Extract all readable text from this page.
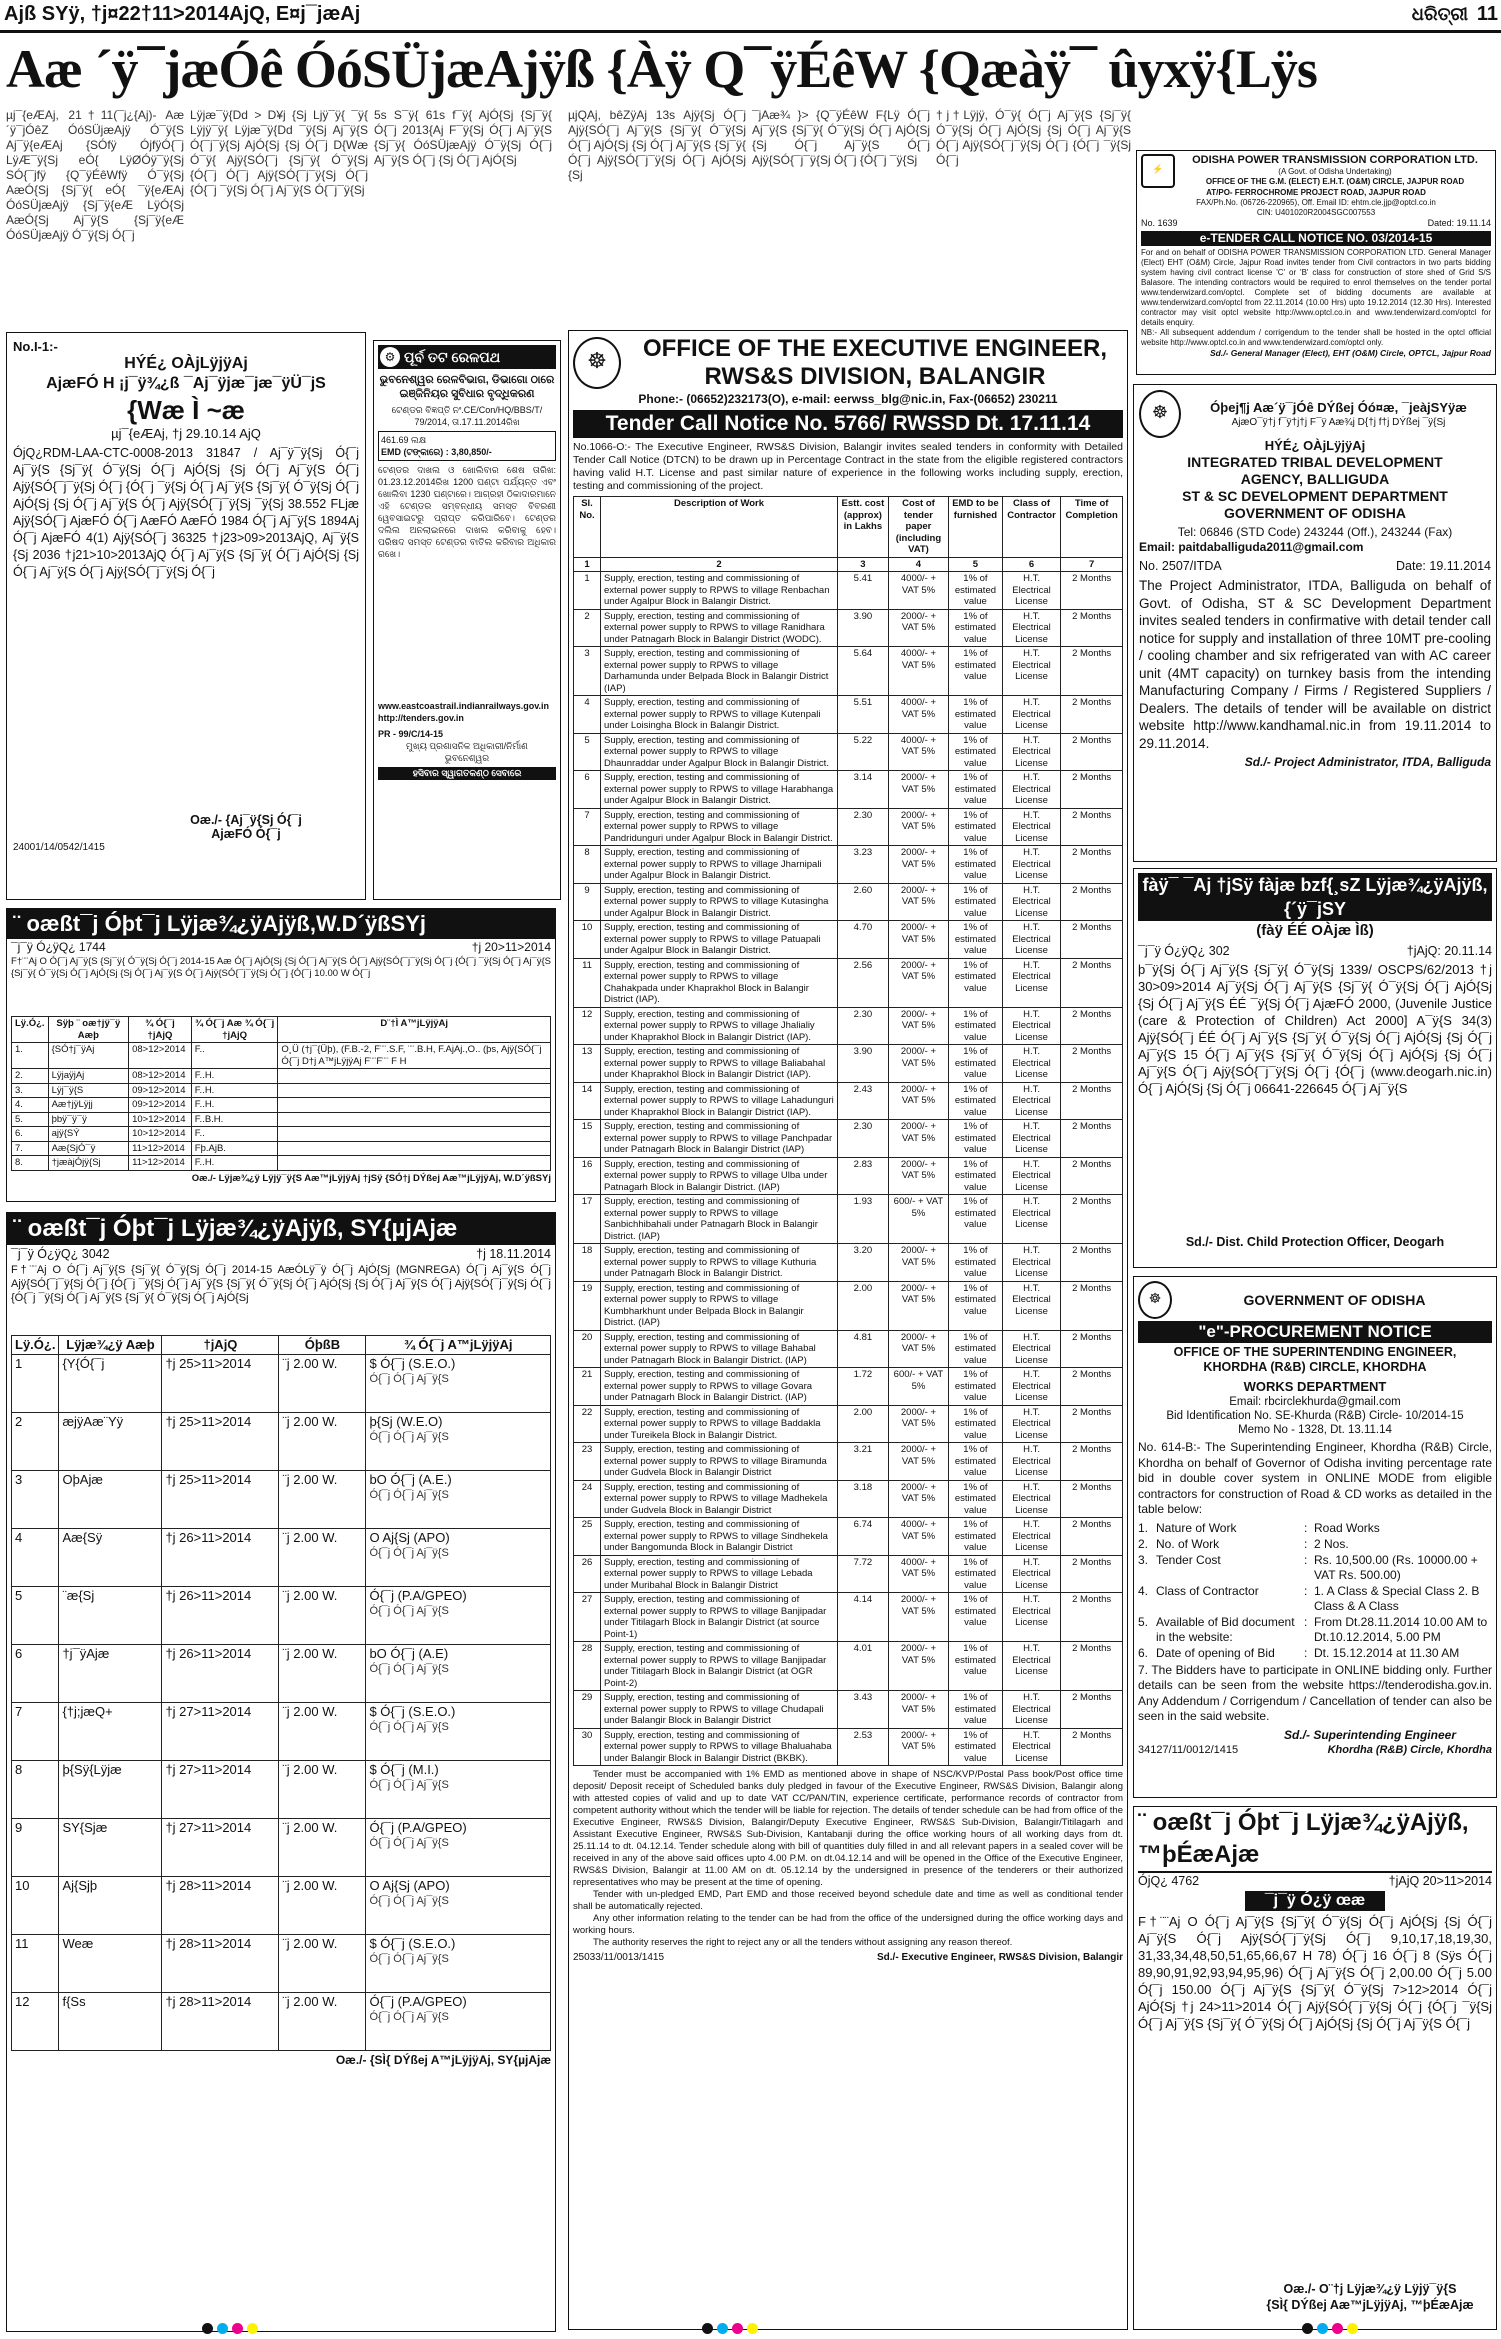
Ajß SYÿ, †j¤22†11>2014AjQ, E¤j¯jæAj	ଧରିତ୍ରୀ 11
Aæ ´ÿ¯jæÓê ÓóSÜjæAjÿß {Àÿ Q¯ÿÉêW {Qæàÿ¯ ûyxÿ{Lÿs
µj¯{eÆAj, 21†11(¯j¿{Aj)- Aæ´ÿ¯jÓêZ ÓóSÜjæAjÿ Ó¯ÿ{S Aj¯ÿ{eÆAj {SÓfÿ ÓjfÿÓ{¯j LÿÆ¯ÿ{Sj eÓ{ LÿØÓÿ¯ÿ{Sj SÓ{¯jfÿ {Q¯ÿÉêWfÿ Ó¯ÿ{Sj AæÓ{Sj {Sj¯ÿ{ eÓ{ ¯ÿ{eÆAj ÓóSÜjæAjÿ {Sj¯ÿ{eÆ LÿÓ{Sj AæÓ{Sj Aj¯ÿ{S {Sj¯ÿ{eÆ ÓóSÜjæAjÿ Ó¯ÿ{Sj Ó{¯j
Lÿjæ¯ÿ{Dd > D¥j {Sj Ljÿ¯ÿ{ ¯ÿ{ Lÿjÿ¯ÿ{ Lÿjæ¯ÿ{Dd ¯ÿ{Sj Aj¯ÿ{S Ó{¯j¯ÿ{Sj AjÓ{Sj {Sj Ó{¯j D{Wæ Ó¯ÿ{ Ajÿ{SÓ{¯j {Sj¯ÿ{ Ó¯ÿ{Sj {Ó{¯j Ó{¯j Ajÿ{SÓ{¯j¯ÿ{Sj Ó{¯j {Ó{¯j ¯ÿ{Sj Ó{¯j Aj¯ÿ{S Ó{¯j¯ÿ{Sj
5s S¯ÿ{ 61s f¯ÿ{ AjÓ{Sj {Sj¯ÿ{ Ó{¯j 2013{Aj F¯ÿ{Sj Ó{¯j Aj¯ÿ{S {Sj¯ÿ{ ÓóSÜjæAjÿ Ó¯ÿ{Sj Ó{¯j Aj¯ÿ{S Ó{¯j {Sj Ó{¯j AjÓ{Sj
µjQAj, bêZÿAj 13s Ajÿ{Sj Ó{¯j Ajÿ{SÓ{¯j Aj¯ÿ{S {Sj¯ÿ{ Ó¯ÿ{Sj Ó{¯j AjÓ{Sj {Sj Ó{¯j Aj¯ÿ{S {Sj¯ÿ{ Ó{¯j Ajÿ{SÓ{¯j¯ÿ{Sj Ó{¯j AjÓ{Sj {Sj
¯jAæ¾ }> {Q¯ÿÉêW F{Lÿ Ó{¯j Aj¯ÿ{S {Sj¯ÿ{ Ó¯ÿ{Sj Ó{¯j AjÓ{Sj {Sj Ó{¯j Aj¯ÿ{S Ó{¯j Ajÿ{SÓ{¯j¯ÿ{Sj Ó{¯j {Ó{¯j ¯ÿ{Sj
†j†Lÿjÿ, Ó¯ÿ{ Ó{¯j Aj¯ÿ{S {Sj¯ÿ{ Ó¯ÿ{Sj Ó{¯j AjÓ{Sj {Sj Ó{¯j Aj¯ÿ{S Ó{¯j Ajÿ{SÓ{¯j¯ÿ{Sj Ó{¯j {Ó{¯j ¯ÿ{Sj Ó{¯j
⚡
ODISHA POWER TRANSMISSION CORPORATION LTD.
(A Govt. of Odisha Undertaking)
OFFICE OF THE G.M. (ELECT) E.H.T. (O&M) CIRCLE, JAJPUR ROAD
AT/PO- FERROCHROME PROJECT ROAD, JAJPUR ROAD
FAX/Ph.No. (06726-220965), Off. Email ID: ehtm.cle.jjp@optcl.co.in
CIN: U401020R2004SGC007553
No. 1639	Dated: 19.11.14
e-TENDER CALL NOTICE NO. 03/2014-15
For and on behalf of ODISHA POWER TRANSMISSION CORPORATION LTD. General Manager (Elect) EHT (O&M) Circle, Jajpur Road invites tender from Civil contractors in two parts bidding system having civil contract license 'C' or 'B' class for construction of store shed of Grid S/S Balasore. The intending contractors would be required to enrol themselves on the tender portal www.tenderwizard.com/optcl. Complete set of bidding documents are available at www.tenderwizard.com/optcl from 22.11.2014 (10.00 Hrs) upto 19.12.2014 (12.30 Hrs). Interested contractor may visit optcl website http://www.optcl.co.in and www.tenderwizard.com/optcl for details enquiry.
NB:- All subsequent addendum / corrigendum to the tender shall be hosted in the optcl official website http://www.optcl.co.in and www.tenderwizard.com/optcl only.
Sd./- General Manager (Elect), EHT (O&M) Circle, OPTCL, Jajpur Road
No.I-1:-
HÝÉ¿ OÀjLÿjÿAj
AjæFÓ H ¡j¯ÿ¾¿ß ¯Aj¯ÿjæ¯jæ¯ÿÜ¯jS
{Wæ Ì ~æ
µj¯{eÆAj, †j 29.10.14 AjQ
ÓjQ¿RDM-LAA-CTC-0008-2013 31847 / Aj¯ÿ¯ÿ{Sj Ó{¯j Aj¯ÿ{S {Sj¯ÿ{ Ó¯ÿ{Sj Ó{¯j AjÓ{Sj {Sj Ó{¯j Aj¯ÿ{S Ó{¯j Ajÿ{SÓ{¯j¯ÿ{Sj Ó{¯j {Ó{¯j ¯ÿ{Sj Ó{¯j Aj¯ÿ{S {Sj¯ÿ{ Ó¯ÿ{Sj Ó{¯j AjÓ{Sj {Sj Ó{¯j Aj¯ÿ{S Ó{¯j Ajÿ{SÓ{¯j¯ÿ{Sj ¯ÿ{Sj 38.552 FLjæ Ajÿ{SÓ{¯j AjæFÓ Ó{¯j AæFÓ AæFÓ 1984 Ó{¯j Aj¯ÿ{S 1894Aj Ó{¯j AjæFÓ 4(1) Ajÿ{SÓ{¯j 36325 †j23>09>2013AjQ, Aj¯ÿ{S {Sj 2036 †j21>10>2013AjQ Ó{¯j Aj¯ÿ{S {Sj¯ÿ{ Ó{¯j AjÓ{Sj {Sj Ó{¯j Aj¯ÿ{S Ó{¯j Ajÿ{SÓ{¯j¯ÿ{Sj Ó{¯j
Oæ./- {Aj¯ÿ{Sj Ó{¯j
AjæFÓ Ó{¯j
24001/14/0542/1415
⚙ ପୂର୍ବ ତଟ ରେଳପଥ
ଭୁବନେଶ୍ୱର ରେଳବିଭାଗ, ଡିଭାଗୋ ଠାରେ
ଇଞ୍ଜିନିୟର ସୁବିଧାର ବୃଦ୍ଧିକରଣ
ଟେଣ୍ଡର ବିଜ୍ଞପ୍ତି ନଂ.CE/Con/HQ/BBS/T/ 79/2014, ତା.17.11.2014ରିଖ
461.69 ଲକ୍ଷ
EMD (ଟଙ୍କାରେ) : 3,80,850/-
ଟେଣ୍ଡର ଦାଖଲ ଓ ଖୋଲିବାର ଶେଷ ତାରିଖ: 01.23.12.2014ରିଖ 1200 ଘଣ୍ଟା ପର୍ଯ୍ୟନ୍ତ ଏବଂ ଖୋଲିବା 1230 ଘଣ୍ଟାରେ। ଆଗ୍ରହୀ ଠିକାଦାରମାନେ ଏହି ଟେଣ୍ଡର ସମ୍ବନ୍ଧୀୟ ସମସ୍ତ ବିବରଣୀ ୱେବସାଇଟରୁ ପ୍ରାପ୍ତ କରିପାରିବେ। ଟେଣ୍ଡର ଦଲିଲ ଅନଲାଇନରେ ଦାଖଲ କରିବାକୁ ହେବ। ପରିଷଦ ସମସ୍ତ ଟେଣ୍ଡର ବାତିଲ କରିବାର ଅଧିକାର ରଖେ।
www.eastcoastrail.indianrailways.gov.in
http://tenders.gov.in
PR - 99/C/14-15
ମୁଖ୍ୟ ପ୍ରଶାସନିକ ଅଧିକାରୀ/ନିର୍ମାଣ
ଭୁବନେଶ୍ୱର
ହସିବାର ସ୍ୱାଗତକଣ୍ଠ ସେବାରେ
☸	OFFICE OF THE EXECUTIVE ENGINEER,
RWS&S DIVISION, BALANGIR
Phone:- (06652)232173(O), e-mail: eerwss_blg@nic.in, Fax-(06652) 230211
Tender Call Notice No. 5766/ RWSSD Dt. 17.11.14
No.1066-O:- The Executive Engineer, RWS&S Division, Balangir invites sealed tenders in conformity with Detailed Tender Call Notice (DTCN) to be drawn up in Percentage Contract in the state from the eligible registered contractors having valid H.T. License and past similar nature of experience in the following works including supply, erection, testing and commissioning of the project.
Sl. No.	Description of Work	Estt. cost (approx) in Lakhs	Cost of tender paper (including VAT)	EMD to be furnished	Class of Contractor	Time of Completion
1	2	3	4	5	6	7
1	Supply, erection, testing and commissioning of external power supply to RPWS to village Renbachan under Agalpur Block in Balangir District.	5.41	4000/- + VAT 5%	1% of estimated value	H.T. Electrical License	2 Months
2	Supply, erection, testing and commissioning of external power supply to RPWS to village Ranidhara under Patnagarh Block in Balangir District (WODC).	3.90	2000/- + VAT 5%	1% of estimated value	H.T. Electrical License	2 Months
3	Supply, erection, testing and commissioning of external power supply to RPWS to village Darhamunda under Belpada Block in Balangir District (IAP)	5.64	4000/- + VAT 5%	1% of estimated value	H.T. Electrical License	2 Months
4	Supply, erection, testing and commissioning of external power supply to RPWS to village Kutenpali under Loisingha Block in Balangir District.	5.51	4000/- + VAT 5%	1% of estimated value	H.T. Electrical License	2 Months
5	Supply, erection, testing and commissioning of external power supply to RPWS to village Dhaunraddar under Agalpur Block in Balangir District.	5.22	4000/- + VAT 5%	1% of estimated value	H.T. Electrical License	2 Months
6	Supply, erection, testing and commissioning of external power supply to RPWS to village Harabhanga under Agalpur Block in Balangir District.	3.14	2000/- + VAT 5%	1% of estimated value	H.T. Electrical License	2 Months
7	Supply, erection, testing and commissioning of external power supply to RPWS to village Pandridunguri under Agalpur Block in Balangir District.	2.30	2000/- + VAT 5%	1% of estimated value	H.T. Electrical License	2 Months
8	Supply, erection, testing and commissioning of external power supply to RPWS to village Jharnipali under Agalpur Block in Balangir District.	3.23	2000/- + VAT 5%	1% of estimated value	H.T. Electrical License	2 Months
9	Supply, erection, testing and commissioning of external power supply to RPWS to village Kutasingha under Agalpur Block in Balangir District.	2.60	2000/- + VAT 5%	1% of estimated value	H.T. Electrical License	2 Months
10	Supply, erection, testing and commissioning of external power supply to RPWS to village Patuapali under Agalpur Block in Balangir District.	4.70	2000/- + VAT 5%	1% of estimated value	H.T. Electrical License	2 Months
11	Supply, erection, testing and commissioning of external power supply to RPWS to village Chahakpada under Khaprakhol Block in Balangir District (IAP).	2.56	2000/- + VAT 5%	1% of estimated value	H.T. Electrical License	2 Months
12	Supply, erection, testing and commissioning of external power supply to RPWS to village Jhalialiy under Khaprakhol Block in Balangir District (IAP).	2.30	2000/- + VAT 5%	1% of estimated value	H.T. Electrical License	2 Months
13	Supply, erection, testing and commissioning of external power supply to RPWS to village Baliabahal under Khaprakhol Block in Balangir District (IAP).	3.90	2000/- + VAT 5%	1% of estimated value	H.T. Electrical License	2 Months
14	Supply, erection, testing and commissioning of external power supply to RPWS to village Lahadunguri under Khaprakhol Block in Balangir District (IAP).	2.43	2000/- + VAT 5%	1% of estimated value	H.T. Electrical License	2 Months
15	Supply, erection, testing and commissioning of external power supply to RPWS to village Panchpadar under Patnagarh Block in Balangir District (IAP)	2.30	2000/- + VAT 5%	1% of estimated value	H.T. Electrical License	2 Months
16	Supply, erection, testing and commissioning of external power supply to RPWS to village Ulba under Patnagarh Block in Balangir District. (IAP)	2.83	2000/- + VAT 5%	1% of estimated value	H.T. Electrical License	2 Months
17	Supply, erection, testing and commissioning of external power supply to RPWS to village Sanbichhibahali under Patnagarh Block in Balangir District. (IAP)	1.93	600/- + VAT 5%	1% of estimated value	H.T. Electrical License	2 Months
18	Supply, erection, testing and commissioning of external power supply to RPWS to village Kuthuria under Patnagarh Block in Balangir District.	3.20	2000/- + VAT 5%	1% of estimated value	H.T. Electrical License	2 Months
19	Supply, erection, testing and commissioning of external power supply to RPWS to village Kumbharkhunt under Belpada Block in Balangir District. (IAP)	2.00	2000/- + VAT 5%	1% of estimated value	H.T. Electrical License	2 Months
20	Supply, erection, testing and commissioning of external power supply to RPWS to village Bahabal under Patnagarh Block in Balangir District. (IAP)	4.81	2000/- + VAT 5%	1% of estimated value	H.T. Electrical License	2 Months
21	Supply, erection, testing and commissioning of external power supply to RPWS to village Govara under Patnagarh Block in Balangir District. (IAP)	1.72	600/- + VAT 5%	1% of estimated value	H.T. Electrical License	2 Months
22	Supply, erection, testing and commissioning of external power supply to RPWS to village Baddakla under Tureikela Block in Balangir District.	2.00	2000/- + VAT 5%	1% of estimated value	H.T. Electrical License	2 Months
23	Supply, erection, testing and commissioning of external power supply to RPWS to village Biramunda under Gudvela Block in Balangir District	3.21	2000/- + VAT 5%	1% of estimated value	H.T. Electrical License	2 Months
24	Supply, erection, testing and commissioning of external power supply to RPWS to village Madhekela under Gudvela Block in Balangir District	3.18	2000/- + VAT 5%	1% of estimated value	H.T. Electrical License	2 Months
25	Supply, erection, testing and commissioning of external power supply to RPWS to village Sindhekela under Bangomunda Block in Balangir District	6.74	4000/- + VAT 5%	1% of estimated value	H.T. Electrical License	2 Months
26	Supply, erection, testing and commissioning of external power supply to RPWS to village Lebada under Muribahal Block in Balangir District	7.72	4000/- + VAT 5%	1% of estimated value	H.T. Electrical License	2 Months
27	Supply, erection, testing and commissioning of external power supply to RPWS to village Banjipadar under Titilagarh Block in Balangir District (at source Point-1)	4.14	2000/- + VAT 5%	1% of estimated value	H.T. Electrical License	2 Months
28	Supply, erection, testing and commissioning of external power supply to RPWS to village Banjipadar under Titilagarh Block in Balangir District (at OGR Point-2)	4.01	2000/- + VAT 5%	1% of estimated value	H.T. Electrical License	2 Months
29	Supply, erection, testing and commissioning of external power supply to RPWS to village Chudapali under Balangir Block in Balangir District	3.43	2000/- + VAT 5%	1% of estimated value	H.T. Electrical License	2 Months
30	Supply, erection, testing and commissioning of external power supply to RPWS to village Bhaluahaba under Balangir Block in Balangir District (BKBK).	2.53	2000/- + VAT 5%	1% of estimated value	H.T. Electrical License	2 Months
Tender must be accompanied with 1% EMD as mentioned above in shape of NSC/KVP/Postal Pass book/Post office time deposit/ Deposit receipt of Scheduled banks duly pledged in favour of the Executive Engineer, RWS&S Division, Balangir along with attested copies of valid and up to date VAT CC/PAN/TIN, experience certificate, performance records of contractor from competent authority without which the tender will be liable for rejection. The details of tender schedule can be had from office of the Executive Engineer, RWS&S Division, Balangir/Deputy Executive Engineer, RWS&S Sub-Division, Balangir/Titilagarh and Assistant Executive Engineer, RWS&S Sub-Division, Kantabanji during the office working hours of all working days from dt. 25.11.14 to dt. 04.12.14. Tender schedule along with bill of quantities duly filled in and all relevant papers in a sealed cover will be received in any of the above said offices upto 4.00 P.M. on dt.04.12.14 and will be opened in the Office of the Executive Engineer, RWS&S Division, Balangir at 11.00 AM on dt. 05.12.14 by the undersigned in presence of the tenderers or their authorized representatives who may be present at the time of opening.
Tender with un-pledged EMD, Part EMD and those received beyond schedule date and time as well as conditional tender shall be automatically rejected.
Any other information relating to the tender can be had from the office of the undersigned during the office working days and working hours.
The authority reserves the right to reject any or all the tenders without assigning any reason thereof.
25033/11/0013/1415	Sd./- Executive Engineer, RWS&S Division, Balangir
☸	Óþej¶j Aæ´ÿ¯jÓê DÝßej Óó¤æ, ¯jeàjSYÿæ
AjæO¯ÿ†j f¯ÿ†j†j F¯ÿ Aæ¾j D{†j f†j DÝßej ¯ÿ{Sj
HÝÉ¿ OÀjLÿjÿAj
INTEGRATED TRIBAL DEVELOPMENT
AGENCY, BALLIGUDA
ST & SC DEVELOPMENT DEPARTMENT
GOVERNMENT OF ODISHA
Tel: 06846 (STD Code) 243244 (Off.), 243244 (Fax)
Email: paitdaballiguda2011@gmail.com
No. 2507/ITDA	Date: 19.11.2014
The Project Administrator, ITDA, Balliguda on behalf of Govt. of Odisha, ST & SC Development Department invites sealed tenders in confirmative with detail tender call notice for supply and installation of three 10MT pre-cooling / cooling chamber and six refrigerated van with AC career unit (4MT capacity) on turnkey basis from the intending Manufacturing Company / Firms / Registered Suppliers / Dealers. The details of tender will be available on district website http://www.kandhamal.nic.in from 19.11.2014 to 29.11.2014.
Sd./- Project Administrator, ITDA, Balliguda
fàÿ¯ ¯Aj †jSÿ fàjæ bzf{¸sZ Lÿjæ¾¿ÿAjÿß, {´ÿ¯jSY
(fàÿ ÉÉ OÀjæ Ìß)
¯j¯ÿ Ó¿ÿQ¿ 302	†jAjQ: 20.11.14
þ¯ÿ{Sj Ó{¯j Aj¯ÿ{S {Sj¯ÿ{ Ó¯ÿ{Sj 1339/ OSCPS/62/2013 †j 30>09>2014 Aj¯ÿ{Sj Ó{¯j Aj¯ÿ{S {Sj¯ÿ{ Ó¯ÿ{Sj Ó{¯j AjÓ{Sj {Sj Ó{¯j Aj¯ÿ{S ÉÉ ¯ÿ{Sj Ó{¯j AjæFÓ 2000, (Juvenile Justice (care & Protection of Children) Act 2000] A¯ÿ{S 34(3) Ajÿ{SÓ{¯j ÉÉ Ó{¯j Aj¯ÿ{S {Sj¯ÿ{ Ó¯ÿ{Sj Ó{¯j AjÓ{Sj {Sj Ó{¯j Aj¯ÿ{S 15 Ó{¯j Aj¯ÿ{S {Sj¯ÿ{ Ó¯ÿ{Sj Ó{¯j AjÓ{Sj {Sj Ó{¯j Aj¯ÿ{S Ó{¯j Ajÿ{SÓ{¯j¯ÿ{Sj Ó{¯j {Ó{¯j (www.deogarh.nic.in) Ó{¯j AjÓ{Sj {Sj Ó{¯j 06641-226645 Ó{¯j Aj¯ÿ{S
Sd./- Dist. Child Protection Officer, Deogarh
☸	GOVERNMENT OF ODISHA
"e"-PROCUREMENT NOTICE
OFFICE OF THE SUPERINTENDING ENGINEER,
KHORDHA (R&B) CIRCLE, KHORDHA
WORKS DEPARTMENT
Email: rbcirclekhurda@gmail.com
Bid Identification No. SE-Khurda (R&B) Circle- 10/2014-15
Memo No - 1328, Dt. 13.11.14
No. 614-B:- The Superintending Engineer, Khordha (R&B) Circle, Khordha on behalf of Governor of Odisha inviting percentage rate bid in double cover system in ONLINE MODE from eligible contractors for construction of Road & CD works as detailed in the table below:
1. Nature of Work	: Road Works
2. No. of Work	: 2 Nos.
3. Tender Cost	: Rs. 10,500.00 (Rs. 10000.00 + VAT Rs. 500.00)
4. Class of Contractor	: 1. A Class & Special Class 2. B Class & A Class
5. Available of Bid document in the website:
: From Dt.28.11.2014 10.00 AM to Dt.10.12.2014, 5.00 PM
6. Date of opening of Bid	: Dt. 15.12.2014 at 11.30 AM
7. The Bidders have to participate in ONLINE bidding only. Further details can be seen from the website https://tenderodisha.gov.in. Any Addendum / Corrigendum / Cancellation of tender can also be seen in the said website.
Sd./- Superintending Engineer
34127/11/0012/1415	Khordha (R&B) Circle, Khordha
¨ oæßt¯j Óþt¯j Lÿjæ¾¿ÿAjÿß,W.D´ÿßSYj
¯j¯ÿ Ó¿ÿQ¿ 1744	†j 20>11>2014
F†¨¨Aj O Ó{¯j Aj¯ÿ{S {Sj¯ÿ{ Ó¯ÿ{Sj Ó{¯j 2014-15 Aæ Ó{¯j AjÓ{Sj {Sj Ó{¯j Aj¯ÿ{S Ó{¯j Ajÿ{SÓ{¯j¯ÿ{Sj Ó{¯j {Ó{¯j ¯ÿ{Sj Ó{¯j Aj¯ÿ{S {Sj¯ÿ{ Ó¯ÿ{Sj Ó{¯j AjÓ{Sj {Sj Ó{¯j Aj¯ÿ{S Ó{¯j Ajÿ{SÓ{¯j¯ÿ{Sj Ó{¯j {Ó{¯j 10.00 W Ó{¯j
Lÿ.Ó¿.	Sÿþ ¨ oæ†jÿ¯ÿ Aæþ	¾ Ó{¯j †jAjQ	¾ Ó{¯j Aæ ¾ Ó{¯j †jAjQ	D¨†Ì A™jLÿjÿAj
1.	{SÓ†j¯ÿAj	08>12>2014	F..	O¸Ü (†j¯{Üþ), (F.B.-2, F¨¨.S.F, ¨¨.B.H, F.AjAj.,O.. (þs, Ajÿ{SÓ{¯j Ó{¯j D†j A™jLÿjÿAj F¨¨F¨¨ F H
2.	LÿjaÿjAj	08>12>2014	F..H.	
3.	Lÿj¯ÿ{S	09>12>2014	F..H.	
4.	Aæ†jÿLÿjj	09>12>2014	F..H.	
5.	þbÿ¯ÿ¯ÿ	10>12>2014	F..B.H.	
6.	ajÿ{SÝ	10>12>2014	F..	
7.	Aæ{SjÓ¯ÿ	11>12>2014	Fþ.AjB.	
8.	†jæàjÓjÿ{Sj	11>12>2014	F..H.	
Oæ./- Lÿjæ¾¿ÿ Lÿjÿ¯ÿ{S Aæ™jLÿjÿAj †jSÿ {SÓ†j DÝßej Aæ™jLÿjÿAj, W.D´ÿßSYj
¨ oæßt¯j Óþt¯j Lÿjæ¾¿ÿAjÿß, SY{µjAjæ
¯j¯ÿ Ó¿ÿQ¿ 3042	†j 18.11.2014
F†¨¨Aj O Ó{¯j Aj¯ÿ{S {Sj¯ÿ{ Ó¯ÿ{Sj Ó{¯j 2014-15 AæÓLÿ¯ÿ Ó{¯j AjÓ{Sj (MGNREGA) Ó{¯j Aj¯ÿ{S Ó{¯j Ajÿ{SÓ{¯j¯ÿ{Sj Ó{¯j {Ó{¯j ¯ÿ{Sj Ó{¯j Aj¯ÿ{S {Sj¯ÿ{ Ó¯ÿ{Sj Ó{¯j AjÓ{Sj {Sj Ó{¯j Aj¯ÿ{S Ó{¯j Ajÿ{SÓ{¯j¯ÿ{Sj Ó{¯j {Ó{¯j ¯ÿ{Sj Ó{¯j Aj¯ÿ{S {Sj¯ÿ{ Ó¯ÿ{Sj Ó{¯j AjÓ{Sj
Lÿ.Ó¿.	Lÿjæ¾¿ÿ Aæþ	†jAjQ	ÓþßB	¾ Ó{¯j A™jLÿjÿAj
1	{Y{Ó{¯j	†j 25>11>2014	¨j 2.00 W.	$ Ó{¯j (S.E.O.)
Ó{¯j Ó{¯j Aj¯ÿ{S

2	æjÿAæ¨Yÿ	†j 25>11>2014	¨j 2.00 W.	þ{Sj (W.E.O)
Ó{¯j Ó{¯j Aj¯ÿ{S

3	OþAjæ	†j 25>11>2014	¨j 2.00 W.	bO Ó{¯j (A.E.)
Ó{¯j Ó{¯j Aj¯ÿ{S

4	Aæ{Sÿ	†j 26>11>2014	¨j 2.00 W.	O Aj{Sj (APO)
Ó{¯j Ó{¯j Aj¯ÿ{S

5	¨æ{Sj	†j 26>11>2014	¨j 2.00 W.	Ó{¯j (P.A/GPEO)
Ó{¯j Ó{¯j Aj¯ÿ{S

6	†j¯ÿAjæ	†j 26>11>2014	¨j 2.00 W.	bO Ó{¯j (A.E)
Ó{¯j Ó{¯j Aj¯ÿ{S

7	{†j;jæQ+	†j 27>11>2014	¨j 2.00 W.	$ Ó{¯j (S.E.O.)
Ó{¯j Ó{¯j Aj¯ÿ{S

8	þ{Sÿ{Lÿjæ	†j 27>11>2014	¨j 2.00 W.	$ Ó{¯j (M.I.)
Ó{¯j Ó{¯j Aj¯ÿ{S

9	SY{Sjæ	†j 27>11>2014	¨j 2.00 W.	Ó{¯j (P.A/GPEO)
Ó{¯j Ó{¯j Aj¯ÿ{S

10	Aj{Sjþ	†j 28>11>2014	¨j 2.00 W.	O Aj{Sj (APO)
Ó{¯j Ó{¯j Aj¯ÿ{S

11	Weæ	†j 28>11>2014	¨j 2.00 W.	$ Ó{¯j (S.E.O.)
Ó{¯j Ó{¯j Aj¯ÿ{S

12	f{Ss	†j 28>11>2014	¨j 2.00 W.	Ó{¯j (P.A/GPEO)
Ó{¯j Ó{¯j Aj¯ÿ{S
Oæ./- {SÌ{ DÝßej A™jLÿjÿAj, SY{µjAjæ
¨ oæßt¯j Óþt¯j Lÿjæ¾¿ÿAjÿß, ™þÉæAjæ
ÓjQ¿ 4762	†jAjQ 20>11>2014
¯j¯ÿ Ó¿ÿ œæ
F†¨¨Aj O Ó{¯j Aj¯ÿ{S {Sj¯ÿ{ Ó¯ÿ{Sj Ó{¯j AjÓ{Sj {Sj Ó{¯j Aj¯ÿ{S Ó{¯j Ajÿ{SÓ{¯j¯ÿ{Sj Ó{¯j 9,10,17,18,19,30, 31,33,34,48,50,51,65,66,67 H 78) Ó{¯j 16 Ó{¯j 8 (Sÿs Ó{¯j 89,90,91,92,93,94,95,96) Ó{¯j Aj¯ÿ{S Ó{¯j 2,00.00 Ó{¯j 5.00 Ó{¯j 150.00 Ó{¯j Aj¯ÿ{S {Sj¯ÿ{ Ó¯ÿ{Sj 7>12>2014 Ó{¯j AjÓ{Sj †j 24>11>2014 Ó{¯j Ajÿ{SÓ{¯j¯ÿ{Sj Ó{¯j {Ó{¯j ¯ÿ{Sj Ó{¯j Aj¯ÿ{S {Sj¯ÿ{ Ó¯ÿ{Sj Ó{¯j AjÓ{Sj {Sj Ó{¯j Aj¯ÿ{S Ó{¯j
Oæ./- O¨†j Lÿjæ¾¿ÿ Lÿjÿ¯ÿ{S
{SÌ{ DÝßej Aæ™jLÿjÿAj, ™þÉæAjæ
